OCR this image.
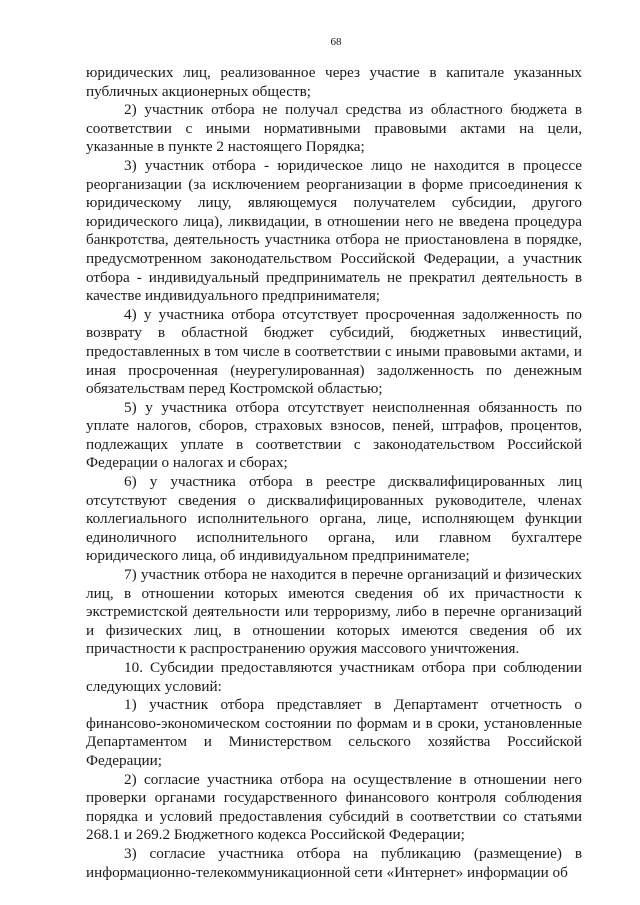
68

юридических лиц, реализованное через участие в капитале указанных публичных акционерных обществ;

2) участник отбора не получал средства из областного бюджета в соответствии с иными нормативными правовыми актами на цели, указанные в пункте 2 настоящего Порядка;

3) участник отбора - юридическое лицо не находится в процессе реорганизации (за исключением реорганизации в форме присоединения к юридическому лицу, являющемуся получателем субсидии, другого юридического лица), ликвидации, в отношении него не введена процедура банкротства, деятельность участника отбора не приостановлена в порядке, предусмотренном законодательством Российской Федерации, а участник отбора - индивидуальный предприниматель не прекратил деятельность в качестве индивидуального предпринимателя;

4) у участника отбора отсутствует просроченная задолженность по возврату в областной бюджет субсидий, бюджетных инвестиций, предоставленных в том числе в соответствии с иными правовыми актами, и иная просроченная (неурегулированная) задолженность по денежным обязательствам перед Костромской областью;

5) у участника отбора отсутствует неисполненная обязанность по уплате налогов, сборов, страховых взносов, пеней, штрафов, процентов, подлежащих уплате в соответствии с законодательством Российской Федерации о налогах и сборах;

6) у участника отбора в реестре дисквалифицированных лиц отсутствуют сведения о дисквалифицированных руководителе, членах коллегиального исполнительного органа, лице, исполняющем функции единоличного исполнительного органа, или главном бухгалтере юридического лица, об индивидуальном предпринимателе;

7) участник отбора не находится в перечне организаций и физических лиц, в отношении которых имеются сведения об их причастности к экстремистской деятельности или терроризму, либо в перечне организаций и физических лиц, в отношении которых имеются сведения об их причастности к распространению оружия массового уничтожения.

10. Субсидии предоставляются участникам отбора при соблюдении следующих условий:

1) участник отбора представляет в Департамент отчетность о финансово-экономическом состоянии по формам и в сроки, установленные Департаментом и Министерством сельского хозяйства Российской Федерации;

2) согласие участника отбора на осуществление в отношении него проверки органами государственного финансового контроля соблюдения порядка и условий предоставления субсидий в соответствии со статьями 268.1 и 269.2 Бюджетного кодекса Российской Федерации;

3) согласие участника отбора на публикацию (размещение) в информационно-телекоммуникационной сети «Интернет» информации об
